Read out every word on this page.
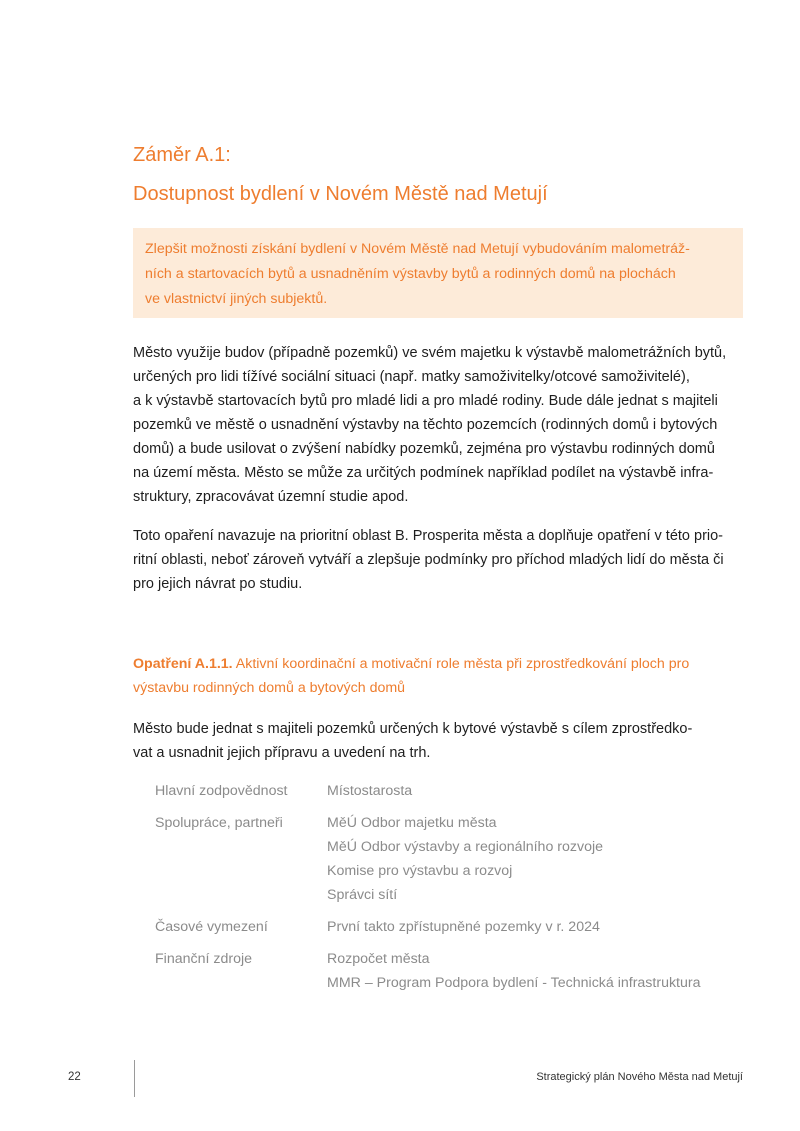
Záměr A.1:
Dostupnost bydlení v Novém Městě nad Metují
Zlepšit možnosti získání bydlení v Novém Městě nad Metují vybudováním malometráž-
ních a startovacích bytů a usnadněním výstavby bytů a rodinných domů na plochách
ve vlastnictví jiných subjektů.
Město využije budov (případně pozemků) ve svém majetku k výstavbě malometrážních bytů,
určených pro lidi tížívé sociální situaci (např. matky samoživitelky/otcové samoživitelé),
a k výstavbě startovacích bytů pro mladé lidi a pro mladé rodiny. Bude dále jednat s majiteli
pozemků ve městě o usnadnění výstavby na těchto pozemcích (rodinných domů i bytových
domů) a bude usilovat o zvýšení nabídky pozemků, zejména pro výstavbu rodinných domů
na území města. Město se může za určitých podmínek například podílet na výstavbě infra-
struktury, zpracovávat územní studie apod.
Toto opaření navazuje na prioritní oblast B. Prosperita města a doplňuje opatření v této prio-
ritní oblasti, neboť zároveň vytváří a zlepšuje podmínky pro příchod mladých lidí do města či
pro jejich návrat po studiu.
Opatření A.1.1. Aktivní koordinační a motivační role města při zprostředkování ploch pro
výstavbu rodinných domů a bytových domů
Město bude jednat s majiteli pozemků určených k bytové výstavbě s cílem zprostředko-
vat a usnadnit jejich přípravu a uvedení na trh.
Hlavní zodpovědnost	Místostarosta
Spolupráce, partneři	MěÚ Odbor majetku města
MěÚ Odbor výstavby a regionálního rozvoje
Komise pro výstavbu a rozvoj
Správci sítí
Časové vymezení	První takto zpřístupněné pozemky v r. 2024
Finanční zdroje	Rozpočet města
MMR – Program Podpora bydlení - Technická infrastruktura
22	Strategický plán Nového Města nad Metují
